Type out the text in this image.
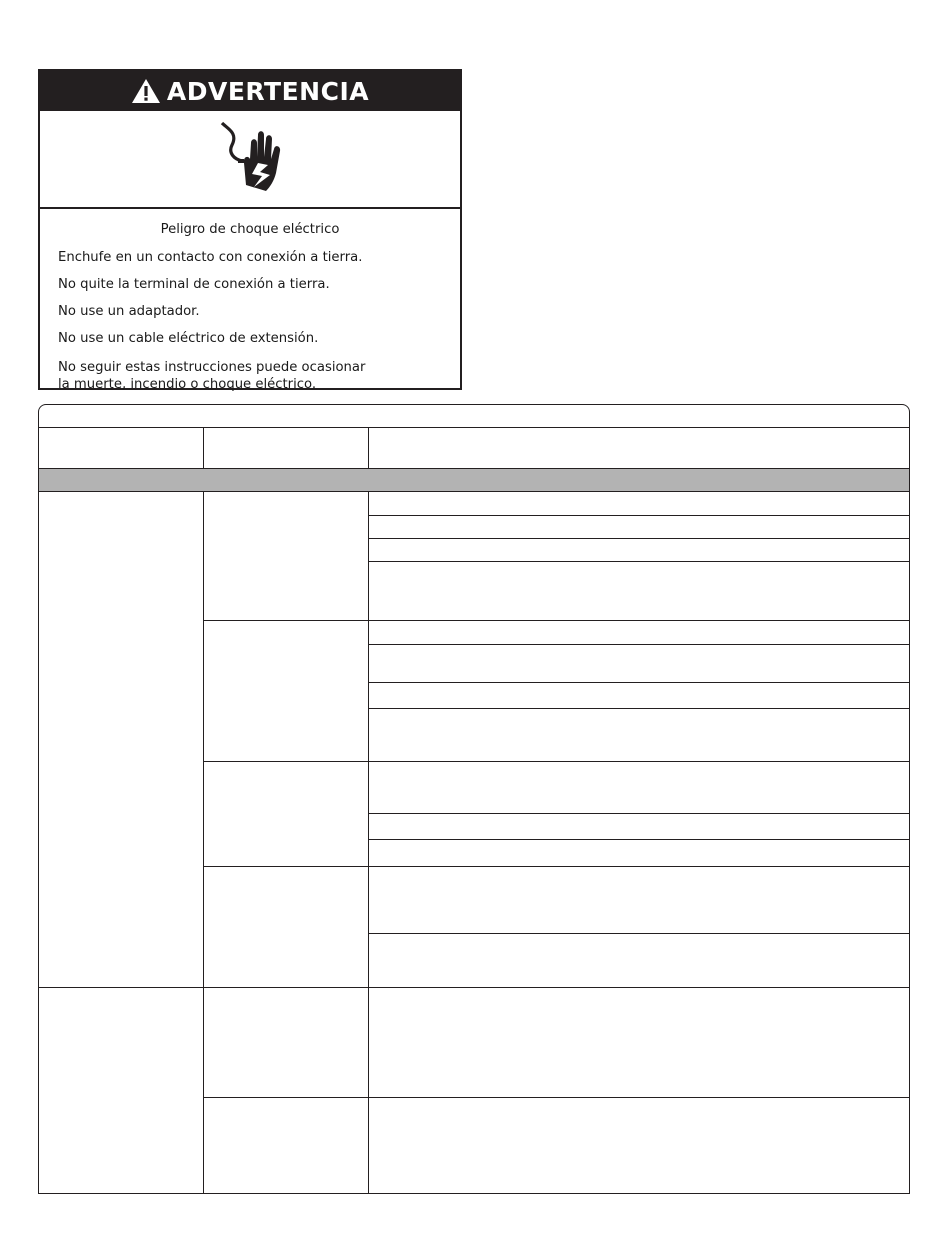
ADVERTENCIA

Peligro de choque eléctrico

Enchufe en un contacto con conexión a tierra.

No quite la terminal de conexión a tierra.

No use un adaptador.

No use un cable eléctrico de extensión.

No seguir estas instrucciones puede ocasionar
la muerte, incendio o choque eléctrico.
